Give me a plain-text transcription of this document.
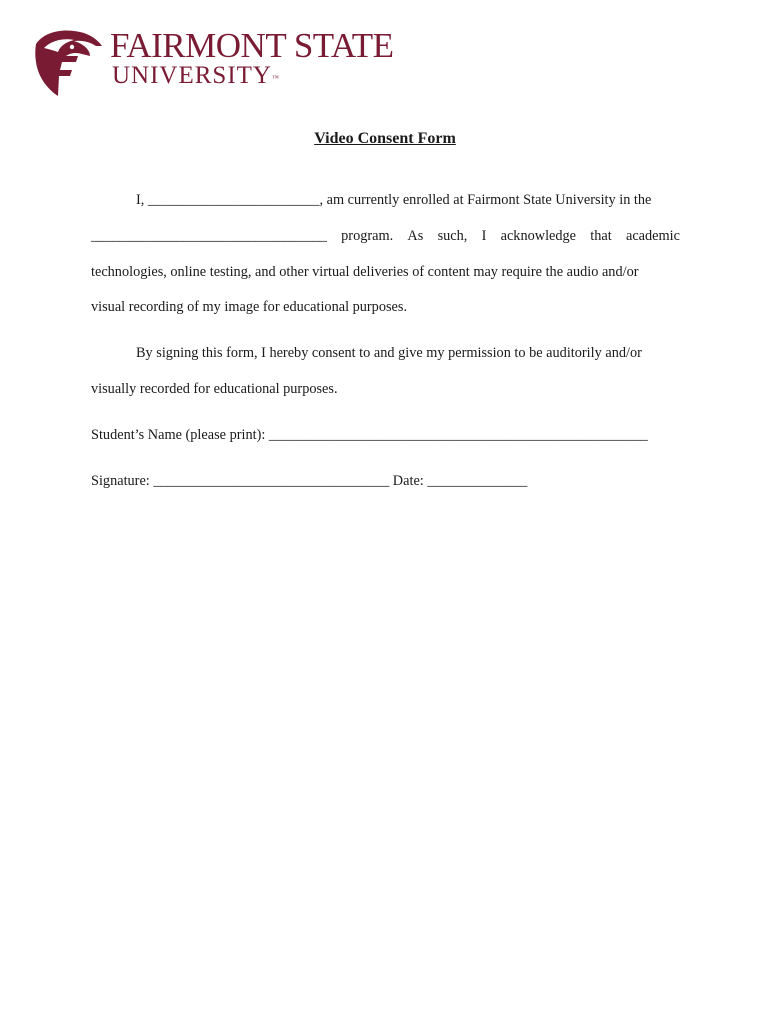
FAIRMONT STATE
UNIVERSITY™
Video Consent Form
I, ________________________, am currently enrolled at Fairmont State University in the
_________________________________ program. As such, I acknowledge that academic
technologies, online testing, and other virtual deliveries of content may require the audio and/or
visual recording of my image for educational purposes.
By signing this form, I hereby consent to and give my permission to be auditorily and/or
visually recorded for educational purposes.
Student’s Name (please print): _____________________________________________________
Signature: _________________________________ Date: ______________
